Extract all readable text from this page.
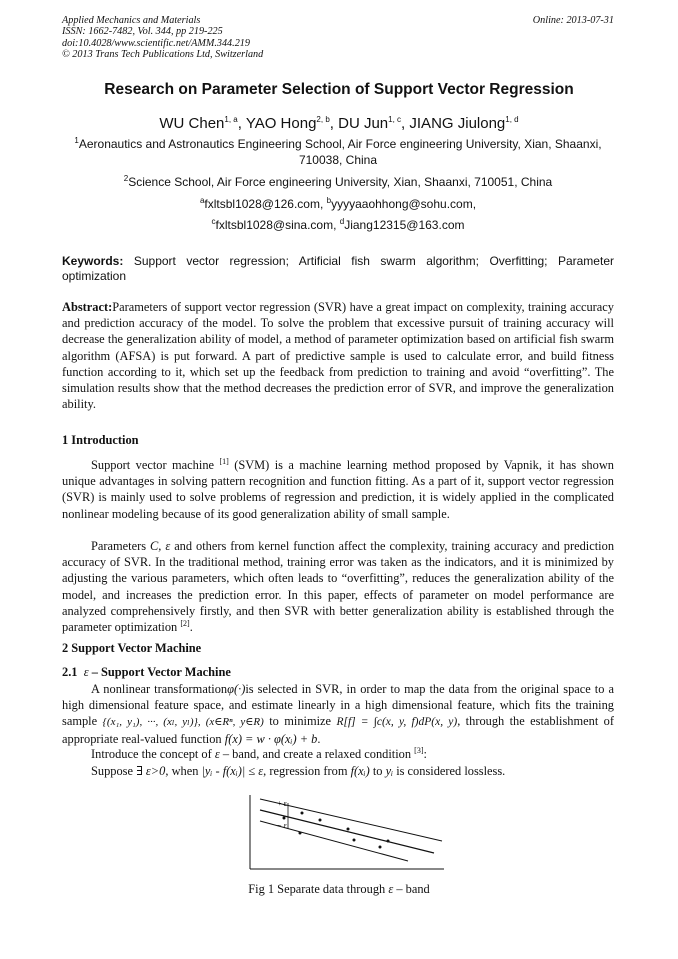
Applied Mechanics and Materials
ISSN: 1662-7482, Vol. 344, pp 219-225
doi:10.4028/www.scientific.net/AMM.344.219
© 2013 Trans Tech Publications Ltd, Switzerland
Online: 2013-07-31
Research on Parameter Selection of Support Vector Regression
WU Chen$^{1, a}$, YAO Hong$^{2, b}$, DU Jun$^{1, c}$, JIANG Jiulong$^{1, d}$
$^1$Aeronautics and Astronautics Engineering School, Air Force engineering University, Xian, Shaanxi, 710038, China
$^2$Science School, Air Force engineering University, Xian, Shaanxi, 710051, China
$^a$fxltsbl1028@126.com, $^b$yyyyaaohhong@sohu.com,
$^c$fxltsbl1028@sina.com, $^d$Jiang12315@163.com
Keywords: Support vector regression; Artificial fish swarm algorithm; Overfitting; Parameter optimization
Abstract:Parameters of support vector regression (SVR) have a great impact on complexity, training accuracy and prediction accuracy of the model. To solve the problem that excessive pursuit of training accuracy will decrease the generalization ability of model, a method of parameter optimization based on artificial fish swarm algorithm (AFSA) is put forward. A part of predictive sample is used to calculate error, and build fitness function according to it, which set up the feedback from prediction to training and avoid “overfitting”. The simulation results show that the method decreases the prediction error of SVR, and improve the generalization ability.
1 Introduction
Support vector machine [1] (SVM) is a machine learning method proposed by Vapnik, it has shown unique advantages in solving pattern recognition and function fitting. As a part of it, support vector regression (SVR) is mainly used to solve problems of regression and prediction, it is widely applied in the complicated nonlinear modeling because of its good generalization ability of small sample.
Parameters C, ε and others from kernel function affect the complexity, training accuracy and prediction accuracy of SVR. In the traditional method, training error was taken as the indicators, and it is minimized by adjusting the various parameters, which often leads to “overfitting”, reduces the generalization ability of the model, and increases the prediction error. In this paper, effects of parameter on model performance are analyzed comprehensively firstly, and then SVR with better generalization ability is established through the parameter optimization [2].
2 Support Vector Machine
2.1 ε – Support Vector Machine
A nonlinear transformationφ(·)is selected in SVR, in order to map the data from the original space to a high dimensional feature space, and estimate linearly in a high dimensional feature, which fits the training sample {(x₁, y₁), ···, (xₗ, yₗ)}, (x∈Rⁿ, y∈R) to minimize R[f] = ∫c(x, y, f)dP(x, y), through the establishment of appropriate real-valued function f(x) = w · φ(xᵢ) + b.
Introduce the concept of ε – band, and create a relaxed condition [3]:
Suppose ∃ ε>0, when |yᵢ - f(xᵢ)| ≤ ε, regression from f(xᵢ) to yᵢ is considered lossless.
+ ε
− ε
Fig 1 Separate data through ε – band
